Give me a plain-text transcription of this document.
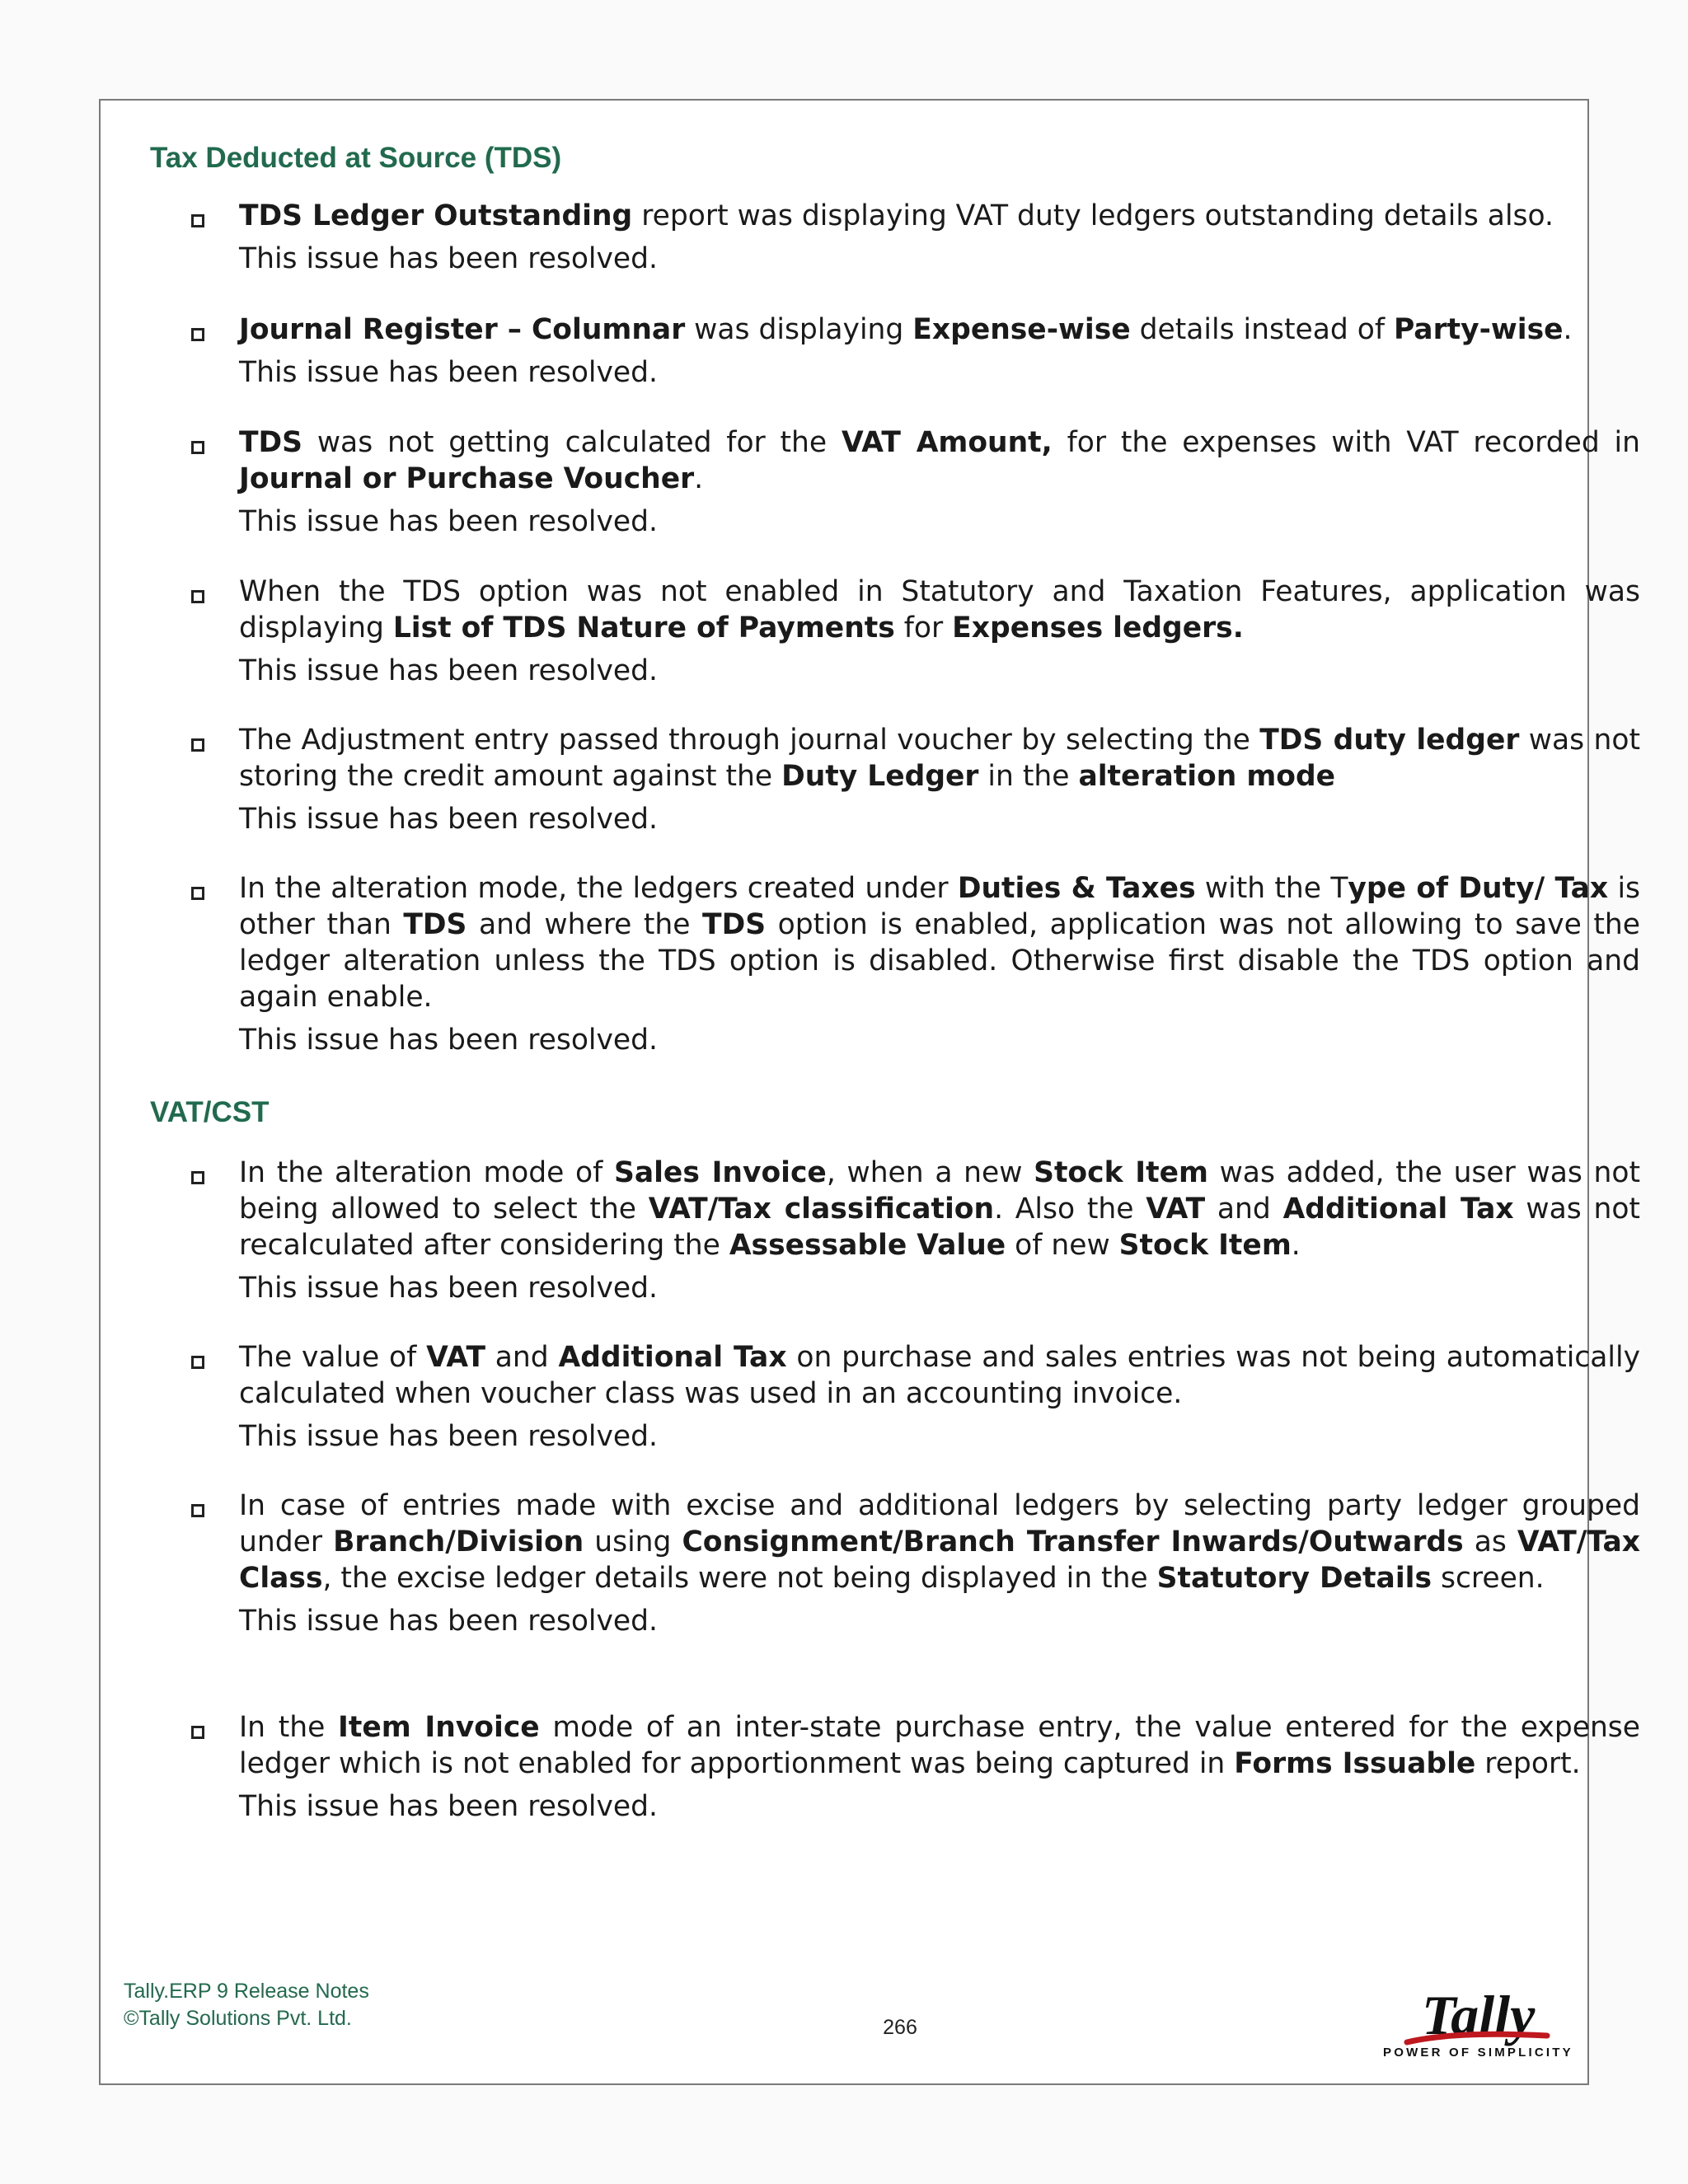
Tax Deducted at Source (TDS)
TDS Ledger Outstanding report was displaying VAT duty ledgers outstanding details also.
This issue has been resolved.
Journal Register – Columnar was displaying Expense-wise details instead of Party-wise.
This issue has been resolved.
TDS was not getting calculated for the VAT Amount, for the expenses with VAT recorded in Journal or Purchase Voucher.
This issue has been resolved.
When the TDS option was not enabled in Statutory and Taxation Features, application was displaying List of TDS Nature of Payments for Expenses ledgers.
This issue has been resolved.
The Adjustment entry passed through journal voucher by selecting the TDS duty ledger was not storing the credit amount against the Duty Ledger in the alteration mode
This issue has been resolved.
In the alteration mode, the ledgers created under Duties & Taxes with the Type of Duty/ Tax is other than TDS and where the TDS option is enabled, application was not allowing to save the ledger alteration unless the TDS option is disabled. Otherwise first disable the TDS option and again enable.
This issue has been resolved.
VAT/CST
In the alteration mode of Sales Invoice, when a new Stock Item was added, the user was not being allowed to select the VAT/Tax classification. Also the VAT and Additional Tax was not recalculated after considering the Assessable Value of new Stock Item.
This issue has been resolved.
The value of VAT and Additional Tax on purchase and sales entries was not being automatically calculated when voucher class was used in an accounting invoice.
This issue has been resolved.
In case of entries made with excise and additional ledgers by selecting party ledger grouped under Branch/Division using Consignment/Branch Transfer Inwards/Outwards as VAT/Tax Class, the excise ledger details were not being displayed in the Statutory Details screen.
This issue has been resolved.
In the Item Invoice mode of an inter-state purchase entry, the value entered for the expense ledger which is not enabled for apportionment was being captured in Forms Issuable report.
This issue has been resolved.
Tally.ERP 9 Release Notes
©Tally Solutions Pvt. Ltd.	266	Tally
POWER OF SIMPLICITY
